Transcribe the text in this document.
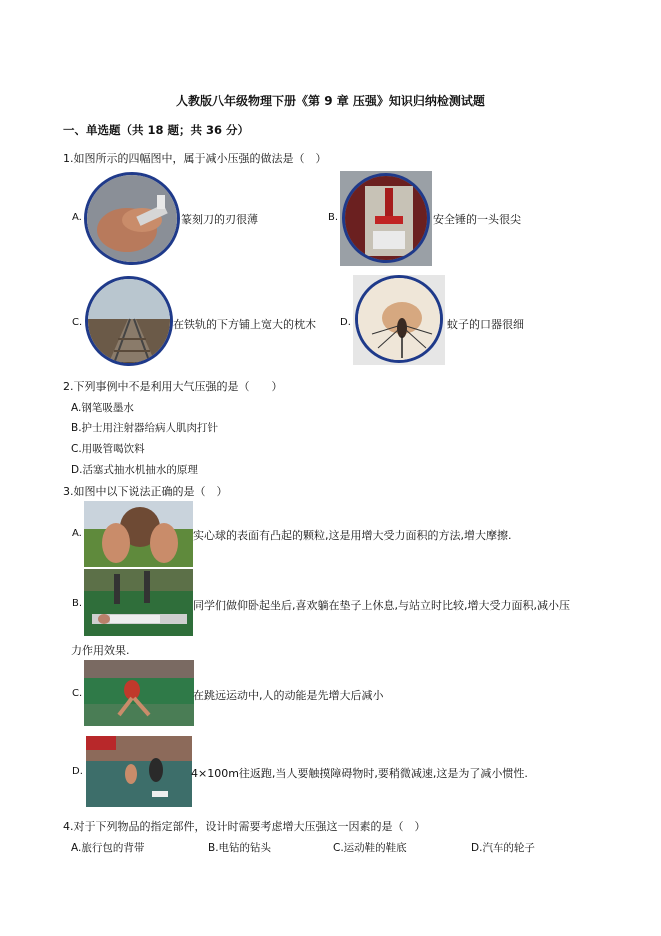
人教版八年级物理下册《第 9 章 压强》知识归纳检测试题
一、单选题（共 18 题；共 36 分）
1.如图所示的四幅图中，属于减小压强的做法是（　）
A.	篆刻刀的刃很薄	B.	安全锤的一头很尖
C.	在铁轨的下方铺上宽大的枕木 D.	蚊子的口器很细
2.下列事例中不是利用大气压强的是（　　）
A.钢笔吸墨水
B.护士用注射器给病人肌肉打针
C.用吸管喝饮料
D.活塞式抽水机抽水的原理
3.如图中以下说法正确的是（　）
A.	实心球的表面有凸起的颗粒,这是用增大受力面积的方法,增大摩擦.
B.	同学们做仰卧起坐后,喜欢躺在垫子上休息,与站立时比较,增大受力面积,减小压
力作用效果.
C.	在跳远运动中,人的动能是先增大后减小
D.	4×100m往返跑,当人要触摸障碍物时,要稍微减速,这是为了减小惯性.
4.对于下列物品的指定部件，设计时需要考虑增大压强这一因素的是（　）
A.旅行包的背带	B.电钻的钻头	C.运动鞋的鞋底	D.汽车的轮子
